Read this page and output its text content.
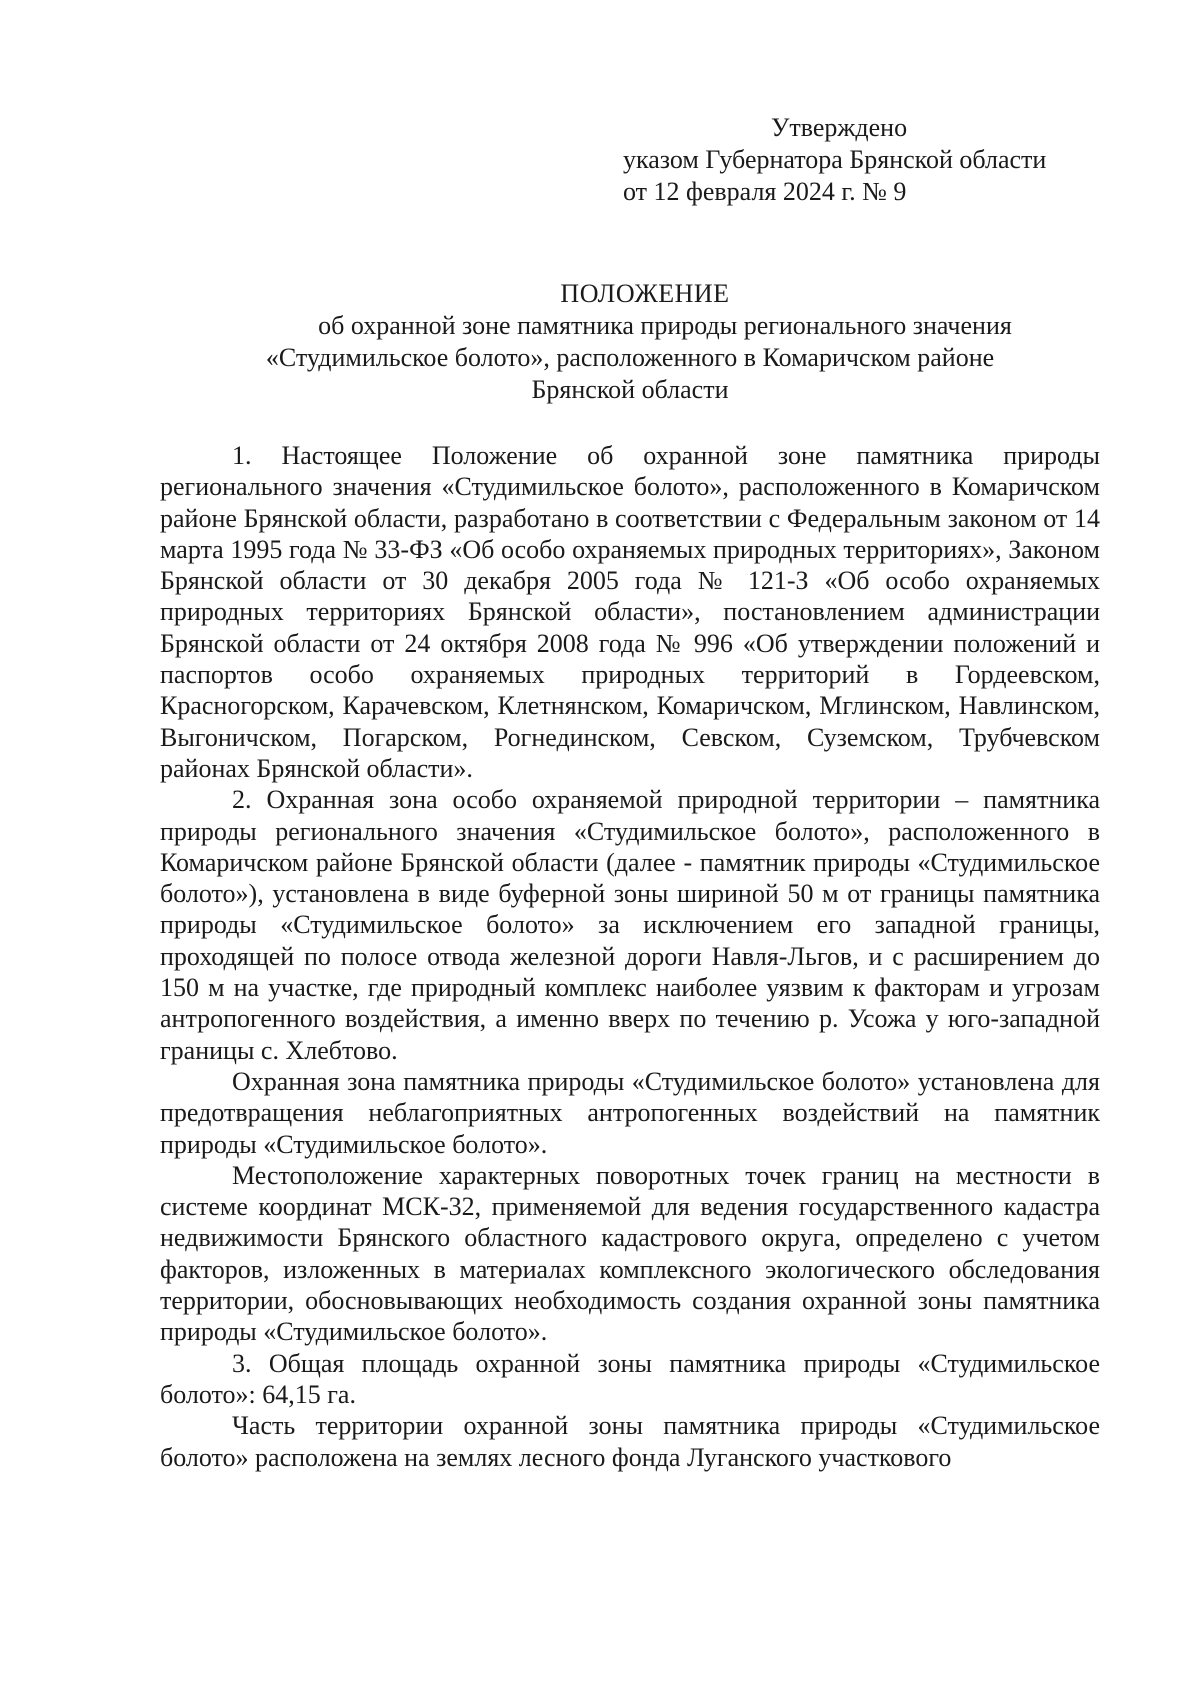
Утверждено
указом Губернатора Брянской области
от 12 февраля 2024 г. № 9
ПОЛОЖЕНИЕ
об охранной зоне памятника природы регионального значения
«Студимильское болото», расположенного в Комаричском районе
Брянской области

1. Настоящее Положение об охранной зоне памятника природы регионального значения «Студимильское болото», расположенного в Комаричском районе Брянской области, разработано в соответствии с Федеральным законом от 14 марта 1995 года № 33-ФЗ «Об особо охраняемых природных территориях», Законом Брянской области от 30 декабря 2005 года № 121-З «Об особо охраняемых природных территориях Брянской области», постановлением администрации Брянской области от 24 октября 2008 года № 996 «Об утверждении положений и паспортов особо охраняемых природных территорий в Гордеевском, Красногорском, Карачевском, Клетнянском, Комаричском, Мглинском, Навлинском, Выгоничском, Погарском, Рогнединском, Севском, Суземском, Трубчевском районах Брянской области».

2. Охранная зона особо охраняемой природной территории – памятника природы регионального значения «Студимильское болото», расположенного в Комаричском районе Брянской области (далее - памятник природы «Студимильское болото»), установлена в виде буферной зоны шириной 50 м от границы памятника природы «Студимильское болото» за исключением его западной границы, проходящей по полосе отвода железной дороги Навля-Льгов, и с расширением до 150 м на участке, где природный комплекс наиболее уязвим к факторам и угрозам антропогенного воздействия, а именно вверх по течению р. Усожа у юго-западной границы с. Хлебтово.

Охранная зона памятника природы «Студимильское болото» установлена для предотвращения неблагоприятных антропогенных воздействий на памятник природы «Студимильское болото».

Местоположение характерных поворотных точек границ на местности в системе координат МСК-32, применяемой для ведения государственного кадастра недвижимости Брянского областного кадастрового округа, определено с учетом факторов, изложенных в материалах комплексного экологического обследования территории, обосновывающих необходимость создания охранной зоны памятника природы «Студимильское болото».

3. Общая площадь охранной зоны памятника природы «Студимильское болото»: 64,15 га.

Часть территории охранной зоны памятника природы «Студимильское болото» расположена на землях лесного фонда Луганского участкового
